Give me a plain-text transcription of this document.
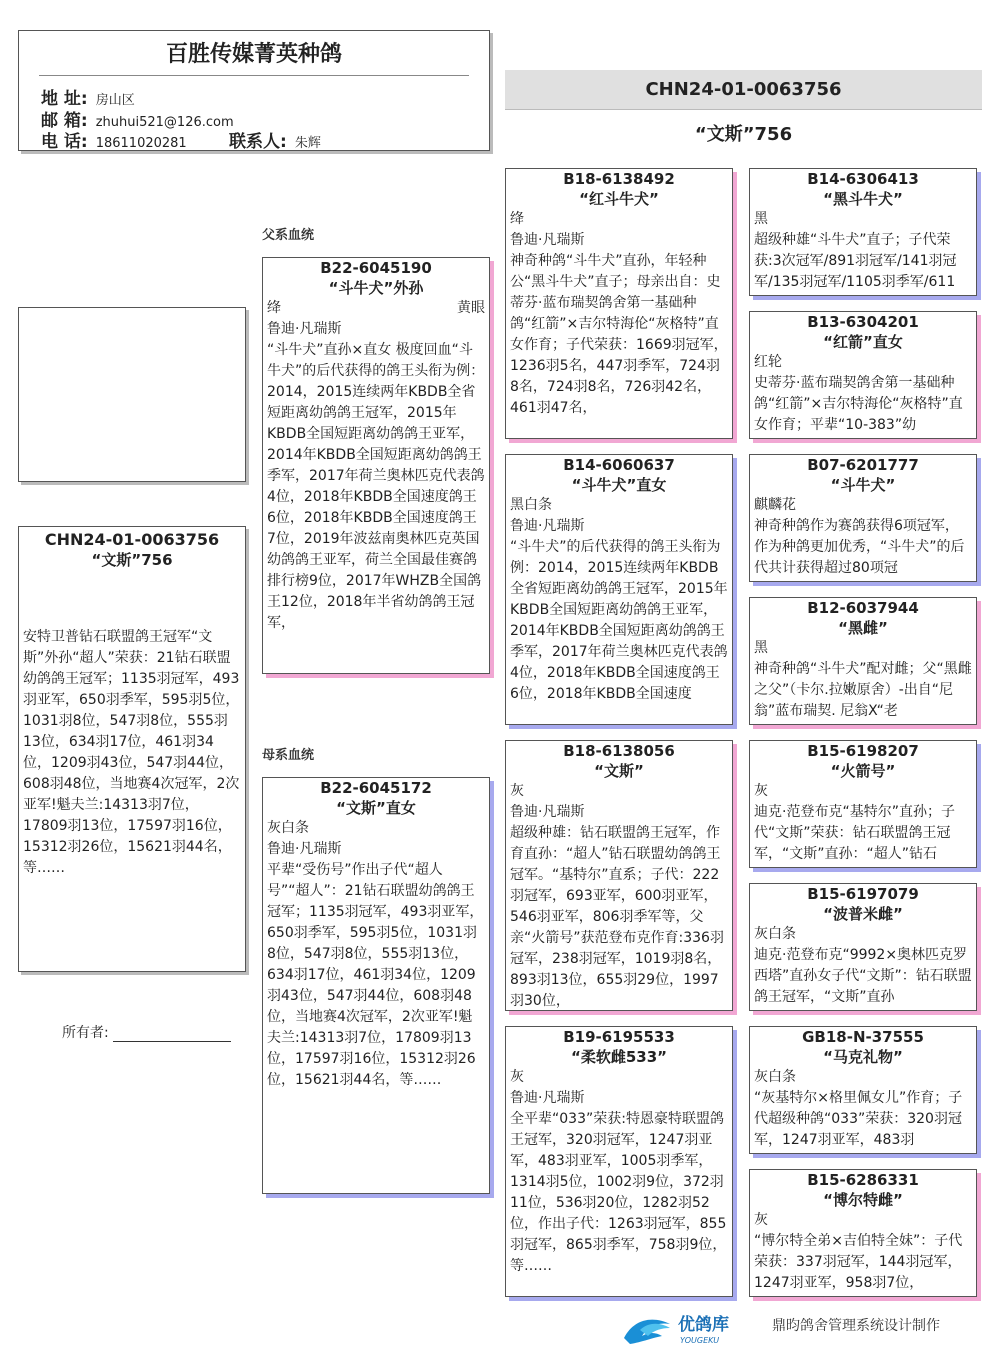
百胜传媒菁英种鸽
地 址: 房山区
邮 箱: zhuhui521@126.com
电 话: 18611020281 联系人: 朱辉
CHN24-01-0063756
“文斯”756
父系血统
母系血统
CHN24-01-0063756
“文斯”756
安特卫普钻石联盟鸽王冠军“文斯”外孙“超人”荣获：21钻石联盟幼鸽鸽王冠军；1135羽冠军，493羽亚军，650羽季军，595羽5位，1031羽8位，547羽8位，555羽13位，634羽17位，461羽34位，1209羽43位，547羽44位，608羽48位，当地赛4次冠军，2次亚军!魁夫兰:14313羽7位，17809羽13位，17597羽16位，15312羽26位，15621羽44名，等……
所有者:
B22-6045190
“斗牛犬”外孙
绛	黄眼
鲁迪·凡瑞斯
“斗牛犬”直孙×直女 极度回血“斗牛犬”的后代获得的鸽王头衔为例：2014，2015连续两年KBDB全省短距离幼鸽鸽王冠军，2015年KBDB全国短距离幼鸽鸽王亚军，2014年KBDB全国短距离幼鸽鸽王季军，2017年荷兰奥林匹克代表鸽4位，2018年KBDB全国速度鸽王6位，2018年KBDB全国速度鸽王7位，2019年波兹南奥林匹克英国幼鸽鸽王亚军，荷兰全国最佳赛鸽排行榜9位，2017年WHZB全国鸽王12位，2018年半省幼鸽鸽王冠军，
B22-6045172
“文斯”直女
灰白条
鲁迪·凡瑞斯
平辈“受伤号”作出子代“超人号”“超人”：21钻石联盟幼鸽鸽王冠军；1135羽冠军，493羽亚军，650羽季军，595羽5位，1031羽8位，547羽8位，555羽13位，634羽17位，461羽34位，1209羽43位，547羽44位，608羽48位，当地赛4次冠军，2次亚军!魁夫兰:14313羽7位，17809羽13位，17597羽16位，15312羽26位，15621羽44名，等……
B18-6138492
“红斗牛犬”
绛
鲁迪·凡瑞斯
神奇种鸽“斗牛犬”直孙，年轻种公“黑斗牛犬”直子；母亲出自：史蒂芬·蓝布瑞契鸽舍第一基础种鸽“红箭”×吉尔特海伦“灰格特”直女作育；子代荣获：1669羽冠军，1236羽5名，447羽季军，724羽8名，724羽8名，726羽42名，461羽47名，
B14-6060637
“斗牛犬”直女
黑白条
鲁迪·凡瑞斯
“斗牛犬”的后代获得的鸽王头衔为例：2014，2015连续两年KBDB全省短距离幼鸽鸽王冠军，2015年KBDB全国短距离幼鸽鸽王亚军，2014年KBDB全国短距离幼鸽鸽王季军，2017年荷兰奥林匹克代表鸽4位，2018年KBDB全国速度鸽王6位，2018年KBDB全国速度
B18-6138056
“文斯”
灰
鲁迪·凡瑞斯
超级种雄：钻石联盟鸽王冠军，作育直孙：“超人”钻石联盟幼鸽鸽王冠军。“基特尔”直系；子代：222羽冠军，693亚军，600羽亚军，546羽亚军，806羽季军等，父亲“火箭号”获范登布克作育:336羽冠军，238羽冠军，1019羽8名，893羽13位，655羽29位，1997羽30位，
B19-6195533
“柔软雌533”
灰
鲁迪·凡瑞斯
全平辈“033”荣获:特恩豪特联盟鸽王冠军，320羽冠军，1247羽亚军，483羽亚军，1005羽季军，1314羽5位，1002羽9位，372羽11位，536羽20位，1282羽52位，作出子代：1263羽冠军，855羽冠军，865羽季军，758羽9位，等……
B14-6306413
“黑斗牛犬”
黑
超级种雄“斗牛犬”直子；子代荣获:3次冠军/891羽冠军/141羽冠军/135羽冠军/1105羽季军/611
B13-6304201
“红箭”直女
红轮
史蒂芬·蓝布瑞契鸽舍第一基础种鸽“红箭”×吉尔特海伦“灰格特”直女作育；平辈“10-383”幼
B07-6201777
“斗牛犬”
麒麟花
神奇种鸽作为赛鸽获得6项冠军，作为种鸽更加优秀，“斗牛犬”的后代共计获得超过80项冠
B12-6037944
“黑雌”
黑
神奇种鸽“斗牛犬”配对雌；父“黑雌之父”（卡尔.拉嫩原舍）-出自“尼翁”蓝布瑞契. 尼翁X“老
B15-6198207
“火箭号”
灰
迪克·范登布克“基特尔”直孙；子代“文斯”荣获：钻石联盟鸽王冠军，“文斯”直孙：“超人”钻石
B15-6197079
“波普米雌”
灰白条
迪克·范登布克“9992×奥林匹克罗西塔”直孙女子代“文斯”：钻石联盟鸽王冠军，“文斯”直孙
GB18-N-37555
“马克礼物”
灰白条
“灰基特尔×格里佩女儿”作育；子代超级种鸽“033”荣获：320羽冠军，1247羽亚军，483羽
B15-6286331
“博尔特雌”
灰
“博尔特全弟×吉伯特全妹”：子代荣获：337羽冠军，144羽冠军，1247羽亚军，958羽7位，
优鸽库
YOUGEKU
鼎昀鸽舍管理系统设计制作
